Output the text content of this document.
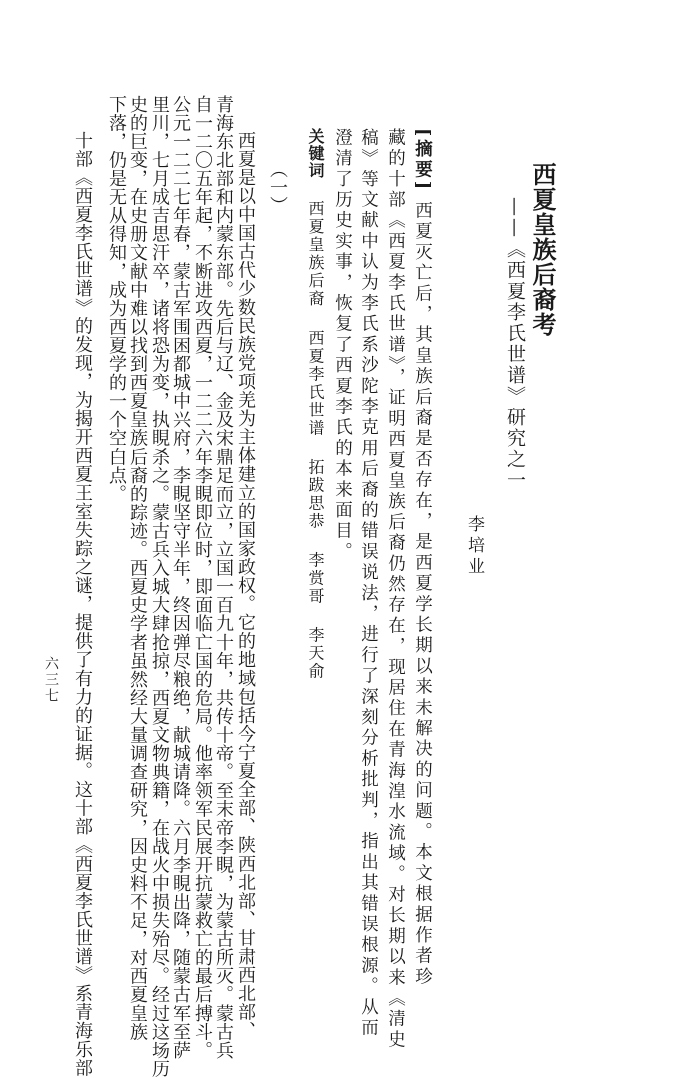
西夏皇族后裔考
——《西夏李氏世谱》研究之一
李培业
[摘要] 西夏灭亡后，其皇族后裔是否存在，是西夏学长期以来未解决的问题。本文根据作者珍
藏的十部《西夏李氏世谱》，证明西夏皇族后裔仍然存在，现居住在青海湟水流域。对长期以来《清史
稿》等文献中认为李氏系沙陀李克用后裔的错误说法，进行了深刻分析批判，指出其错误根源。从而
澄清了历史实事，恢复了西夏李氏的本来面目。
关键词 西夏皇族后裔 西夏李氏世谱 拓跋思恭 李赏哥 李天俞
（一）
西夏是以中国古代少数民族党项羌为主体建立的国家政权。它的地域包括今宁夏全部、陕西北部、甘肃西北部、
青海东北部和内蒙东部。先后与辽、金及宋鼎足而立，立国一百九十年，共传十帝。至末帝李睍，为蒙古所灭。蒙古兵
自一二〇五年起，不断进攻西夏，一二二六年李睍即位时，即面临亡国的危局。他率领军民展开抗蒙救亡的最后搏斗。
公元一二二七年春，蒙古军围困都城中兴府，李睍坚守半年，终因弹尽粮绝，献城请降。六月李睍出降，随蒙古军至萨
里川，七月成吉思汗卒，诸将恐为变，执睍杀之。蒙古兵入城大肆抢掠，西夏文物典籍，在战火中损失殆尽。经过这场历
史的巨变，在史册文献中难以找到西夏皇族后裔的踪迹。西夏史学者虽然经大量调查研究，因史料不足，对西夏皇族
下落，仍是无从得知，成为西夏学的一个空白点。
十部《西夏李氏世谱》的发现，为揭开西夏王室失踪之谜，提供了有力的证据。这十部《西夏李氏世谱》系青海乐部
六三七
